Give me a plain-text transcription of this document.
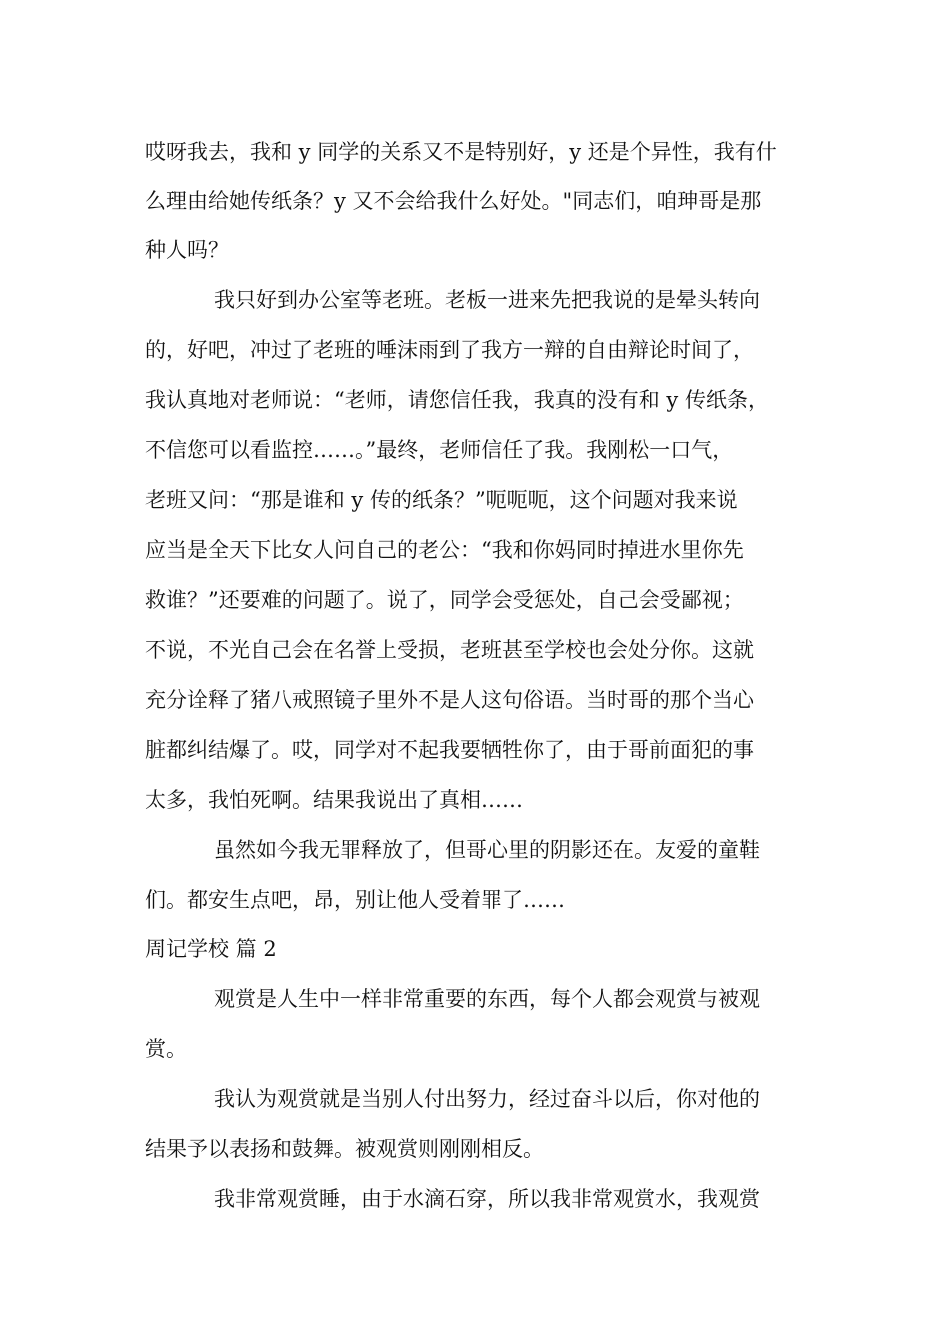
哎呀我去，我和 y 同学的关系又不是特别好，y 还是个异性，我有什
么理由给她传纸条？y 又不会给我什么好处。"同志们，咱珅哥是那
种人吗？
我只好到办公室等老班。老板一进来先把我说的是晕头转向
的，好吧，冲过了老班的唾沫雨到了我方一辩的自由辩论时间了，
我认真地对老师说：“老师，请您信任我，我真的没有和 y 传纸条，
不信您可以看监控……。”最终，老师信任了我。我刚松一口气，
老班又问：“那是谁和 y 传的纸条？”呃呃呃，这个问题对我来说
应当是全天下比女人问自己的老公：“我和你妈同时掉进水里你先
救谁？”还要难的问题了。说了，同学会受惩处，自己会受鄙视；
不说，不光自己会在名誉上受损，老班甚至学校也会处分你。这就
充分诠释了猪八戒照镜子里外不是人这句俗语。当时哥的那个当心
脏都纠结爆了。哎，同学对不起我要牺牲你了，由于哥前面犯的事
太多，我怕死啊。结果我说出了真相……
虽然如今我无罪释放了，但哥心里的阴影还在。友爱的童鞋
们。都安生点吧，昂，别让他人受着罪了……
周记学校 篇 2
观赏是人生中一样非常重要的东西，每个人都会观赏与被观
赏。
我认为观赏就是当别人付出努力，经过奋斗以后，你对他的
结果予以表扬和鼓舞。被观赏则刚刚相反。
我非常观赏睡，由于水滴石穿，所以我非常观赏水，我观赏
